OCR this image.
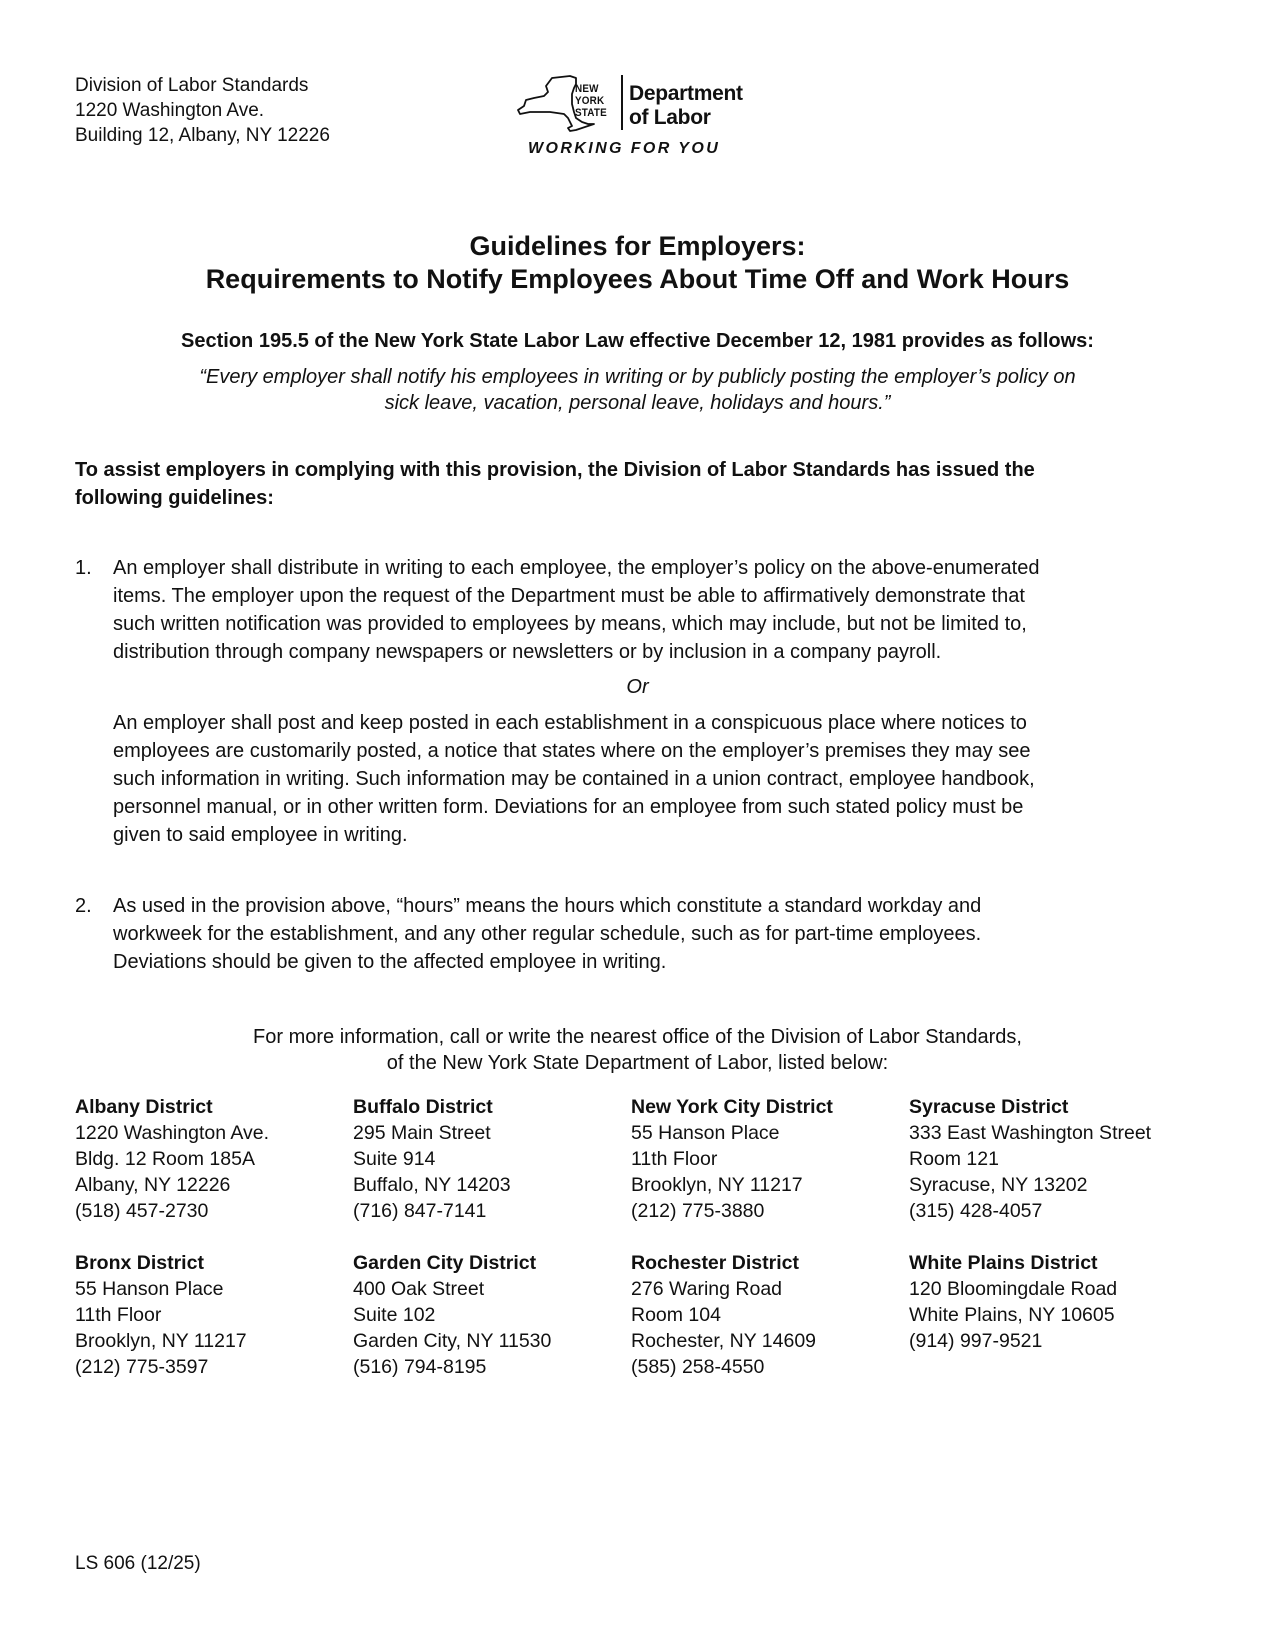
Division of Labor Standards
1220 Washington Ave.
Building 12, Albany, NY 12226
NEW
YORK
STATE
Department
of Labor
WORKING FOR YOU
Guidelines for Employers:
Requirements to Notify Employees About Time Off and Work Hours
Section 195.5 of the New York State Labor Law effective December 12, 1981 provides as follows:
“Every employer shall notify his employees in writing or by publicly posting the employer’s policy on
sick leave, vacation, personal leave, holidays and hours.”
To assist employers in complying with this provision, the Division of Labor Standards has issued the
following guidelines:
1. An employer shall distribute in writing to each employee, the employer’s policy on the above-enumerated
items. The employer upon the request of the Department must be able to affirmatively demonstrate that
such written notification was provided to employees by means, which may include, but not be limited to,
distribution through company newspapers or newsletters or by inclusion in a company payroll.
Or
An employer shall post and keep posted in each establishment in a conspicuous place where notices to
employees are customarily posted, a notice that states where on the employer’s premises they may see
such information in writing. Such information may be contained in a union contract, employee handbook,
personnel manual, or in other written form. Deviations for an employee from such stated policy must be
given to said employee in writing.
2. As used in the provision above, “hours” means the hours which constitute a standard workday and
workweek for the establishment, and any other regular schedule, such as for part-time employees.
Deviations should be given to the affected employee in writing.
For more information, call or write the nearest office of the Division of Labor Standards,
of the New York State Department of Labor, listed below:
Albany District
1220 Washington Ave.
Bldg. 12 Room 185A
Albany, NY 12226
(518) 457-2730
Buffalo District
295 Main Street
Suite 914
Buffalo, NY 14203
(716) 847-7141
New York City District
55 Hanson Place
11th Floor
Brooklyn, NY 11217
(212) 775-3880
Syracuse District
333 East Washington Street
Room 121
Syracuse, NY 13202
(315) 428-4057
Bronx District
55 Hanson Place
11th Floor
Brooklyn, NY 11217
(212) 775-3597
Garden City District
400 Oak Street
Suite 102
Garden City, NY 11530
(516) 794-8195
Rochester District
276 Waring Road
Room 104
Rochester, NY 14609
(585) 258-4550
White Plains District
120 Bloomingdale Road
White Plains, NY 10605
(914) 997-9521
LS 606 (12/25)
